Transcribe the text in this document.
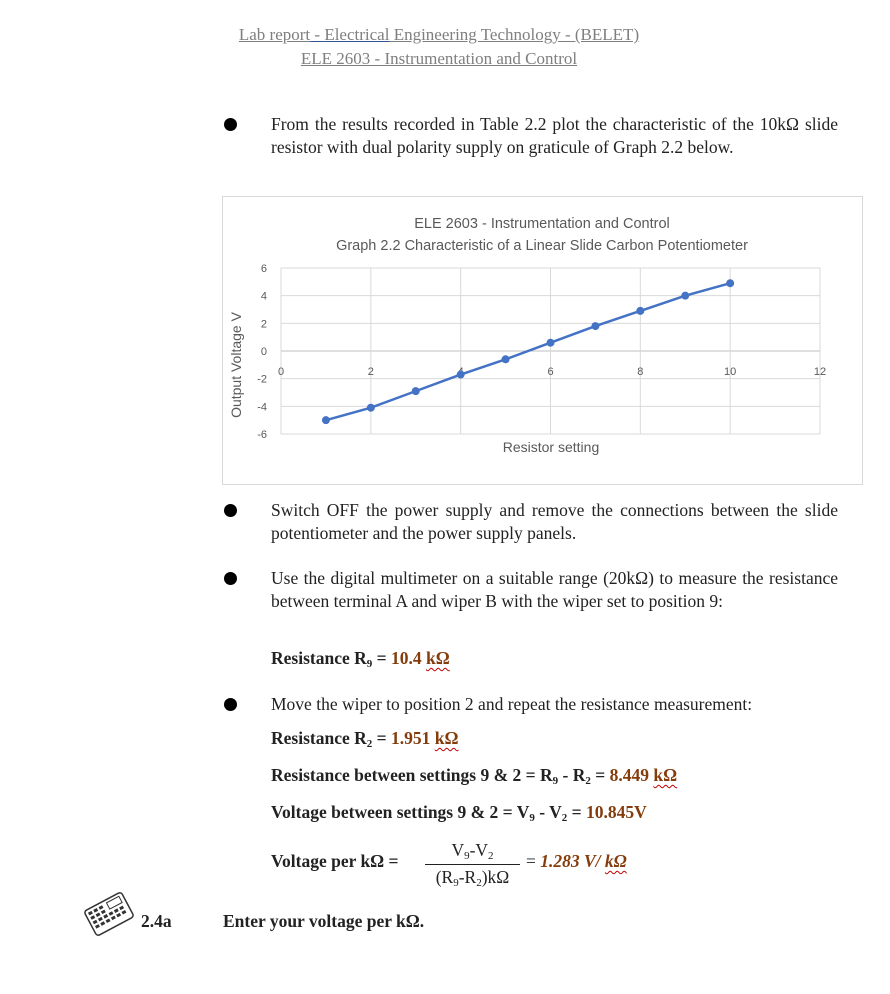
Lab report - Electrical Engineering Technology - (BELET)
ELE 2603 - Instrumentation and Control
From the results recorded in Table 2.2 plot the characteristic of the 10kΩ slide resistor with dual polarity supply on graticule of Graph 2.2 below.
ELE 2603 - Instrumentation and Control
Graph 2.2 Characteristic of a Linear Slide Carbon Potentiometer
-6
-4
-2
0
2
4
6
0	2	6	8	10	12
Resistor setting
Output Voltage V
Switch OFF the power supply and remove the connections between the slide potentiometer and the power supply panels.
Use the digital multimeter on a suitable range (20kΩ) to measure the resistance between terminal A and wiper B with the wiper set to position 9:
Resistance $R_9 = 10.4$ kΩ
Move the wiper to position 2 and repeat the resistance measurement:
Resistance $R_2 = 1.951$ kΩ
Resistance between settings 9 & $2 = R_9 - R_2 = 8.449$ kΩ
Voltage between settings 9 & $2 = V_9 - V_2 = 10.845V$
Voltage per $k\Omega = \frac{V_9-V_2}{(R_9-R_2)k\Omega} = 1.283$ V/ kΩ
2.4a	Enter your voltage per kΩ.
